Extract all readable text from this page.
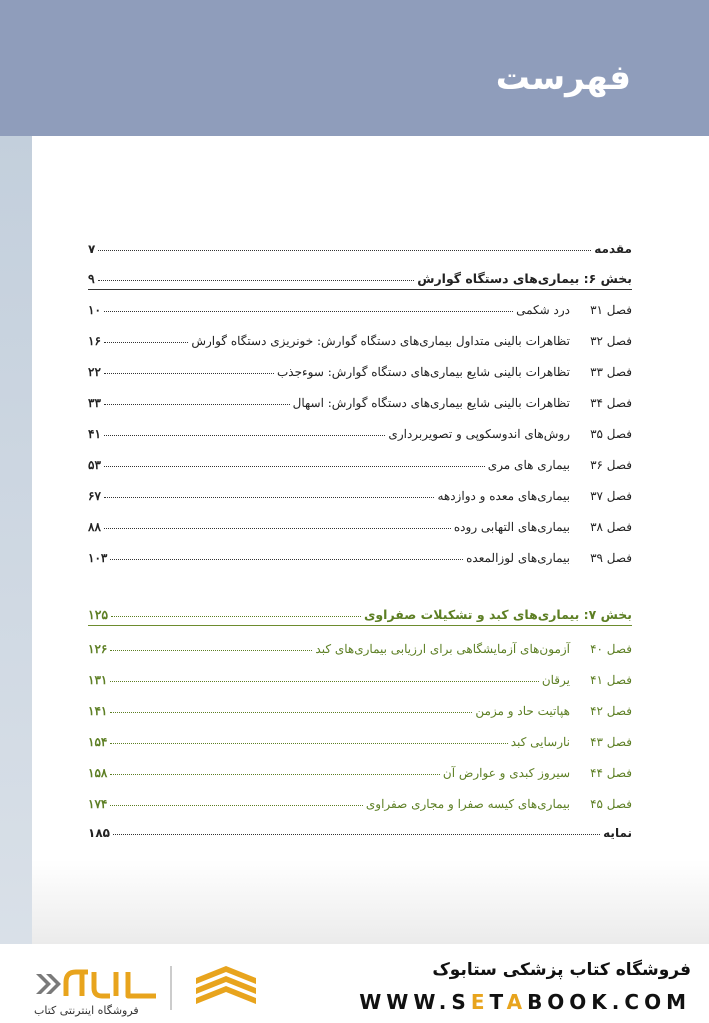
فهرست
مقدمه
۷
بخش ۶: بیماری‌های دستگاه گوارش
۹
فصل ۳۱
درد شکمی
۱۰
فصل ۳۲
تظاهرات بالینی متداول بیماری‌های دستگاه گوارش: خونریزی دستگاه گوارش
۱۶
فصل ۳۳
تظاهرات بالینی شایع بیماری‌های دستگاه گوارش: سوءجذب
۲۲
فصل ۳۴
تظاهرات بالینی شایع بیماری‌های دستگاه گوارش: اسهال
۳۳
فصل ۳۵
روش‌های اندوسکوپی و تصویربرداری
۴۱
فصل ۳۶
بیماری های مری
۵۳
فصل ۳۷
بیماری‌های معده و دوازدهه
۶۷
فصل ۳۸
بیماری‌های التهابی روده
۸۸
فصل ۳۹
بیماری‌های لوزالمعده
۱۰۳
بخش ۷: بیماری‌های کبد و تشکیلات صفراوی
۱۲۵
فصل ۴۰
آزمون‌های آزمایشگاهی برای ارزیابی بیماری‌های کبد
۱۲۶
فصل ۴۱
یرقان
۱۳۱
فصل ۴۲
هپاتیت حاد و مزمن
۱۴۱
فصل ۴۳
نارسایی کبد
۱۵۴
فصل ۴۴
سیروز کبدی و عوارض آن
۱۵۸
فصل ۴۵
بیماری‌های کیسه صفرا و مجاری صفراوی
۱۷۴
نمایه
۱۸۵
فروشگاه کتاب پزشکی ستابوک
WWW.SETABOOK.COM
فروشگاه اینترنتی کتاب
